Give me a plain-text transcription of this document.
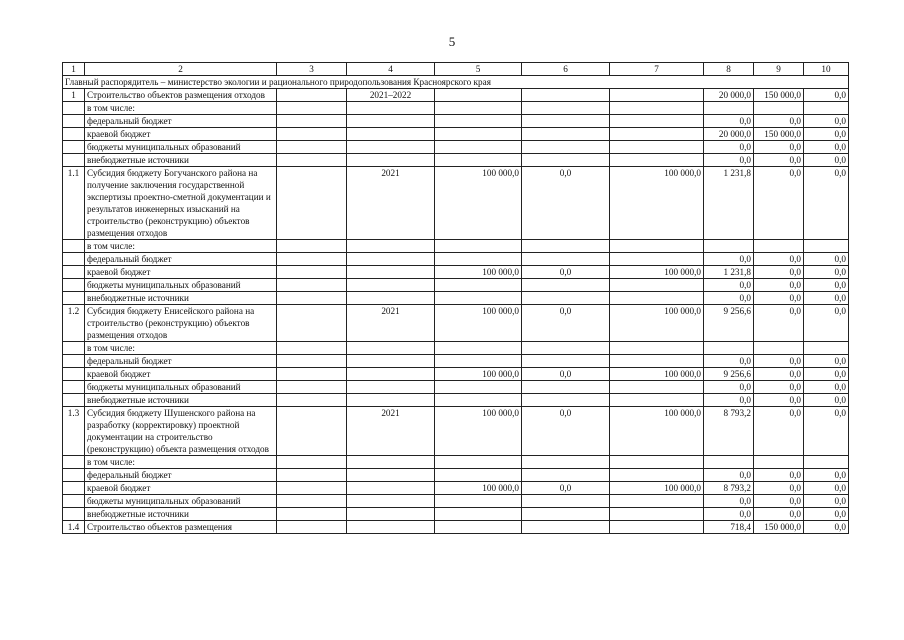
5
1	2	3	4	5	6	7	8	9	10
Главный распорядитель – министерство экологии и рационального природопользования Красноярского края									
1	Строительство объектов размещения отходов		2021–2022				20 000,0	150 000,0	0,0
	в том числе:								
	федеральный бюджет						0,0	0,0	0,0
	краевой бюджет						20 000,0	150 000,0	0,0
	бюджеты муниципальных образований						0,0	0,0	0,0
	внебюджетные источники						0,0	0,0	0,0
1.1	Субсидия бюджету Богучанского района на получение заключения государственной экспертизы проектно-сметной документации и результатов инженерных изысканий на строительство (реконструкцию) объектов размещения отходов		2021	100 000,0	0,0	100 000,0	1 231,8	0,0	0,0
	в том числе:								
	федеральный бюджет						0,0	0,0	0,0
	краевой бюджет			100 000,0	0,0	100 000,0	1 231,8	0,0	0,0
	бюджеты муниципальных образований						0,0	0,0	0,0
	внебюджетные источники						0,0	0,0	0,0
1.2	Субсидия бюджету Енисейского района на строительство (реконструкцию) объектов размещения отходов		2021	100 000,0	0,0	100 000,0	9 256,6	0,0	0,0
	в том числе:								
	федеральный бюджет						0,0	0,0	0,0
	краевой бюджет			100 000,0	0,0	100 000,0	9 256,6	0,0	0,0
	бюджеты муниципальных образований						0,0	0,0	0,0
	внебюджетные источники						0,0	0,0	0,0
1.3	Субсидия бюджету Шушенского района на разработку (корректировку) проектной документации на строительство (реконструкцию) объекта размещения отходов		2021	100 000,0	0,0	100 000,0	8 793,2	0,0	0,0
	в том числе:								
	федеральный бюджет						0,0	0,0	0,0
	краевой бюджет			100 000,0	0,0	100 000,0	8 793,2	0,0	0,0
	бюджеты муниципальных образований						0,0	0,0	0,0
	внебюджетные источники						0,0	0,0	0,0
1.4	Строительство объектов размещения						718,4	150 000,0	0,0
